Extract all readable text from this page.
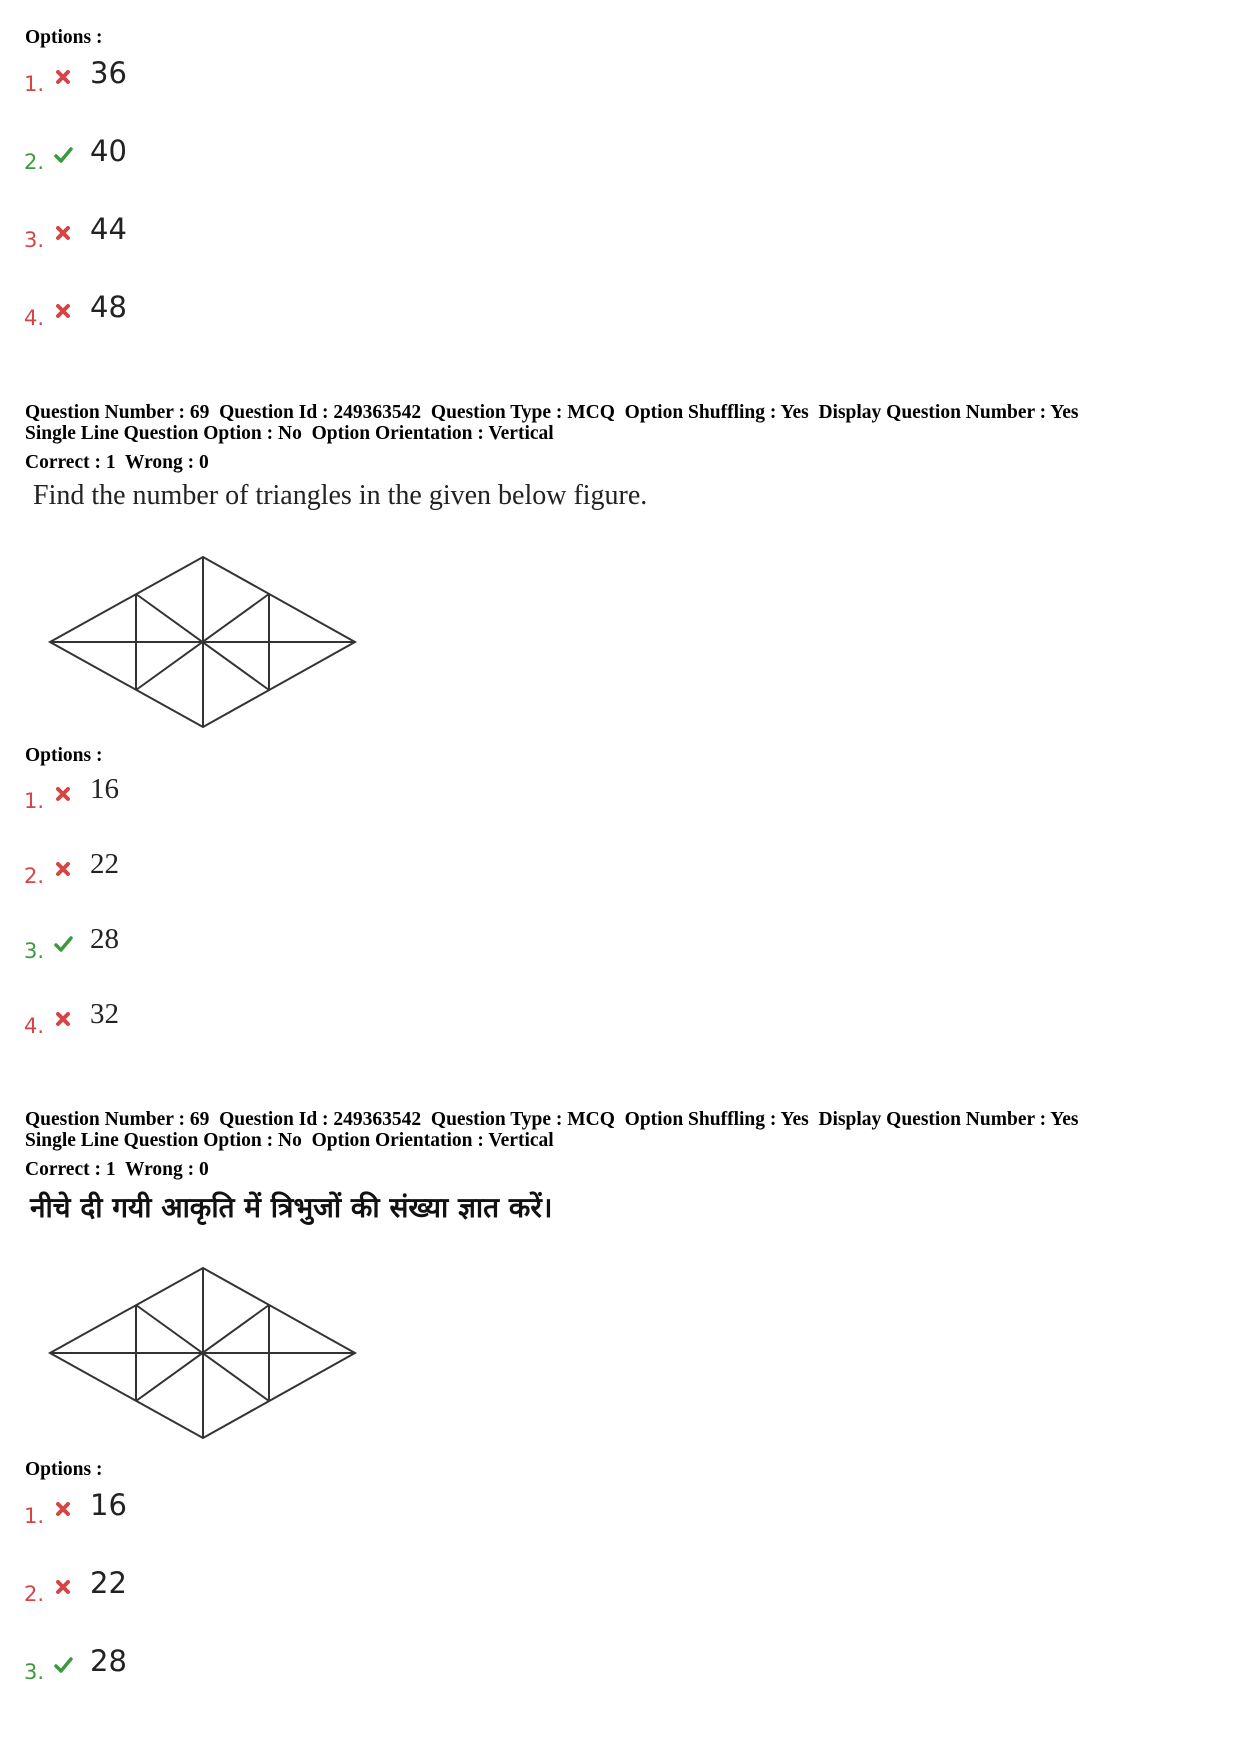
Options :
1. 36
2. 40
3. 44
4. 48
Question Number : 69  Question Id : 249363542  Question Type : MCQ  Option Shuffling : Yes  Display Question Number : Yes
Single Line Question Option : No  Option Orientation : Vertical
Correct : 1  Wrong : 0
Find the number of triangles in the given below figure.
Options :
1. 16
2. 22
3. 28
4. 32
Question Number : 69  Question Id : 249363542  Question Type : MCQ  Option Shuffling : Yes  Display Question Number : Yes
Single Line Question Option : No  Option Orientation : Vertical
Correct : 1  Wrong : 0
नीचे दी गयी आकृति में त्रिभुजों की संख्या ज्ञात करें।
Options :
1. 16
2. 22
3. 28
